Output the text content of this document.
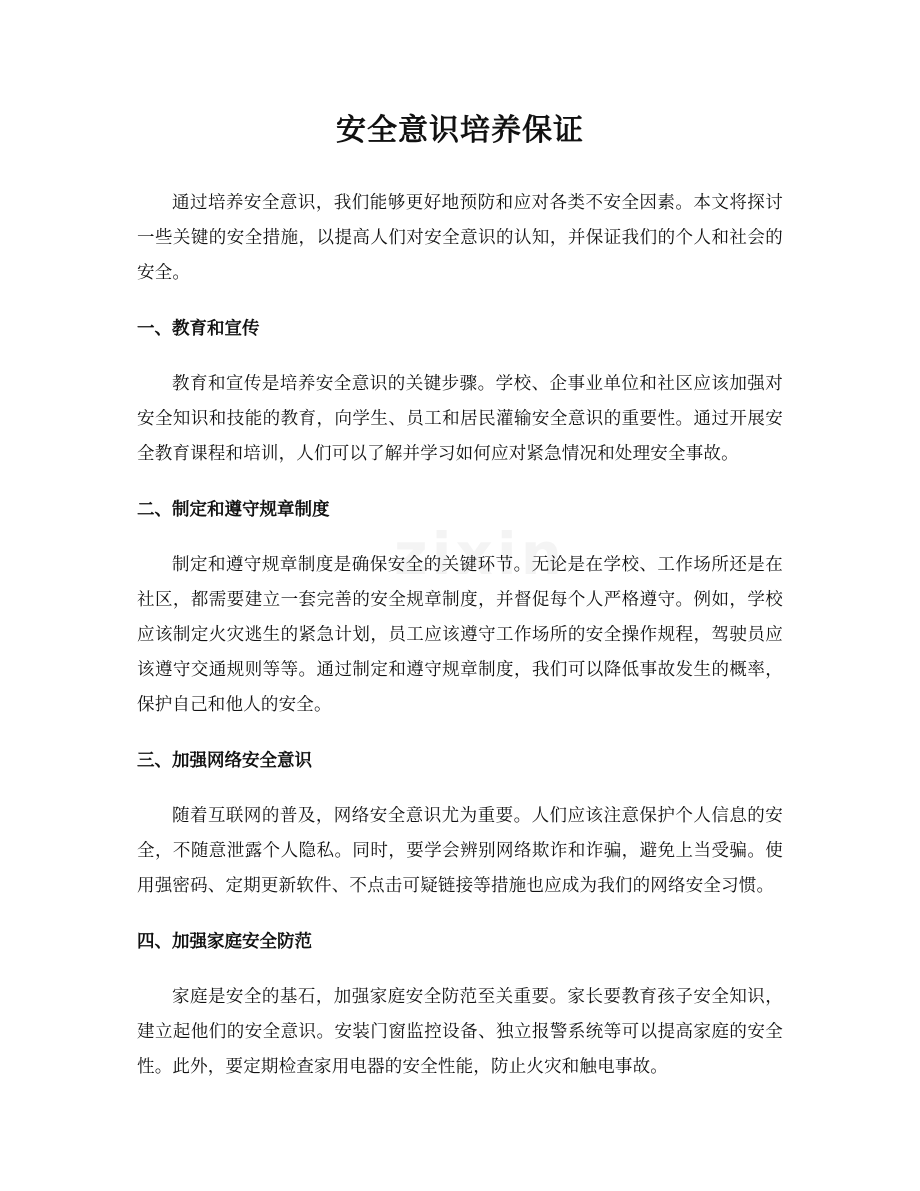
安全意识培养保证

通过培养安全意识，我们能够更好地预防和应对各类不安全因素。本文将探讨一些关键的安全措施，以提高人们对安全意识的认知，并保证我们的个人和社会的安全。

一、教育和宣传

教育和宣传是培养安全意识的关键步骤。学校、企事业单位和社区应该加强对安全知识和技能的教育，向学生、员工和居民灌输安全意识的重要性。通过开展安全教育课程和培训，人们可以了解并学习如何应对紧急情况和处理安全事故。

二、制定和遵守规章制度

制定和遵守规章制度是确保安全的关键环节。无论是在学校、工作场所还是在社区，都需要建立一套完善的安全规章制度，并督促每个人严格遵守。例如，学校应该制定火灾逃生的紧急计划，员工应该遵守工作场所的安全操作规程，驾驶员应该遵守交通规则等等。通过制定和遵守规章制度，我们可以降低事故发生的概率，保护自己和他人的安全。

三、加强网络安全意识

随着互联网的普及，网络安全意识尤为重要。人们应该注意保护个人信息的安全，不随意泄露个人隐私。同时，要学会辨别网络欺诈和诈骗，避免上当受骗。使用强密码、定期更新软件、不点击可疑链接等措施也应成为我们的网络安全习惯。

四、加强家庭安全防范

家庭是安全的基石，加强家庭安全防范至关重要。家长要教育孩子安全知识，建立起他们的安全意识。安装门窗监控设备、独立报警系统等可以提高家庭的安全性。此外，要定期检查家用电器的安全性能，防止火灾和触电事故。
